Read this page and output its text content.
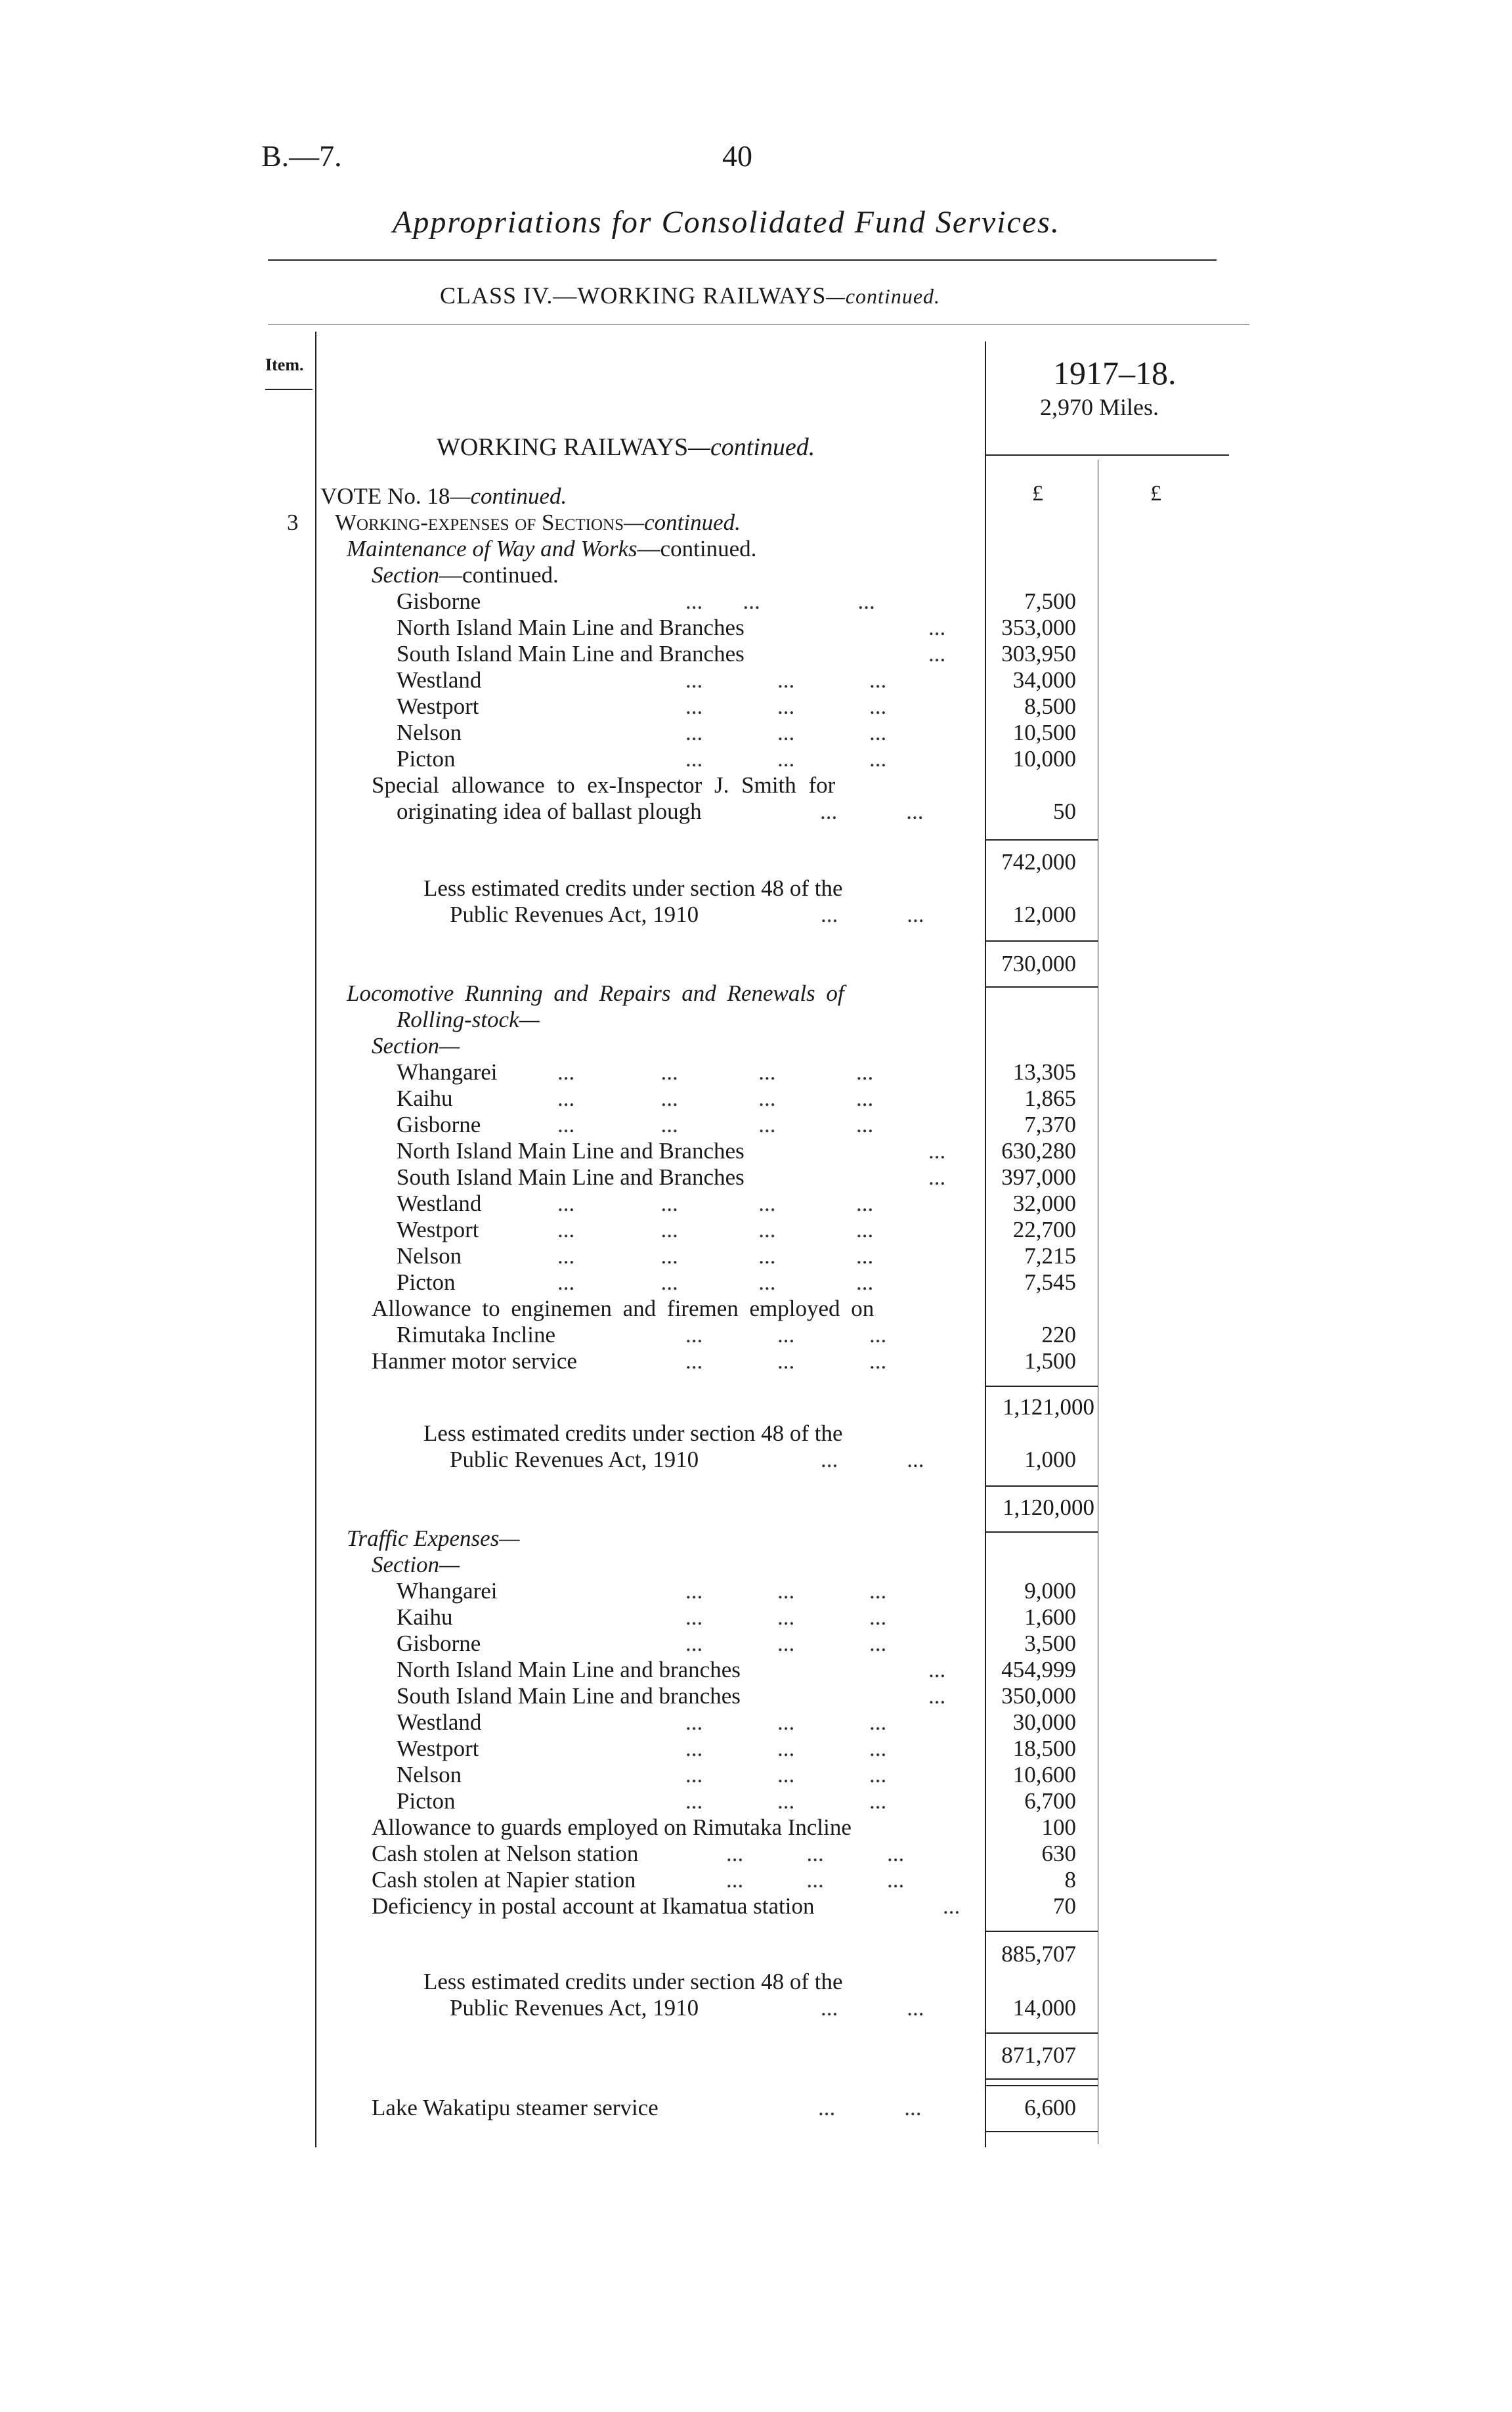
B.—7.	40
Appropriations for Consolidated Fund Services.
CLASS IV.—WORKING RAILWAYS—continued.
Item.	1917–18.
2,970 Miles.
WORKING RAILWAYS—continued.
£	£
VOTE No. 18—continued.
3 Working-expenses of Sections—continued.
Maintenance of Way and Works—continued.
Section—continued.
Gisborne	...       ...                 ...	7,500
North Island Main Line and Branches	...	353,000
South Island Main Line and Branches	...	303,950
Westland	...             ...             ...	34,000
Westport	...             ...             ...	8,500
Nelson	...             ...             ...	10,500
Picton	...             ...             ...	10,000
Special allowance to ex-Inspector J. Smith for
originating idea of ballast plough	...            ...	50
742,000
Less estimated credits under section 48 of the
Public Revenues Act, 1910	...            ...	12,000
730,000
Locomotive Running and Repairs and Renewals of
Rolling-stock—
Section—
Whangarei	...               ...              ...              ...	13,305
Kaihu	...               ...              ...              ...	1,865
Gisborne	...               ...              ...              ...	7,370
North Island Main Line and Branches	...	630,280
South Island Main Line and Branches	...	397,000
Westland	...               ...              ...              ...	32,000
Westport	...               ...              ...              ...	22,700
Nelson	...               ...              ...              ...	7,215
Picton	...               ...              ...              ...	7,545
Allowance to enginemen and firemen employed on
Rimutaka Incline	...             ...             ...	220
Hanmer motor service	...             ...             ...	1,500
1,121,000
Less estimated credits under section 48 of the
Public Revenues Act, 1910	...            ...	1,000
1,120,000
Traffic Expenses—
Section—
Whangarei	...             ...             ...	9,000
Kaihu	...             ...             ...	1,600
Gisborne	...             ...             ...	3,500
North Island Main Line and branches	...	454,999
South Island Main Line and branches	...	350,000
Westland	...             ...             ...	30,000
Westport	...             ...             ...	18,500
Nelson	...             ...             ...	10,600
Picton	...             ...             ...	6,700
Allowance to guards employed on Rimutaka Incline	100
Cash stolen at Nelson station	...           ...           ...	630
Cash stolen at Napier station	...           ...           ...	8
Deficiency in postal account at Ikamatua station	...	70
885,707
Less estimated credits under section 48 of the
Public Revenues Act, 1910	...            ...	14,000
871,707
Lake Wakatipu steamer service	...            ...	6,600
